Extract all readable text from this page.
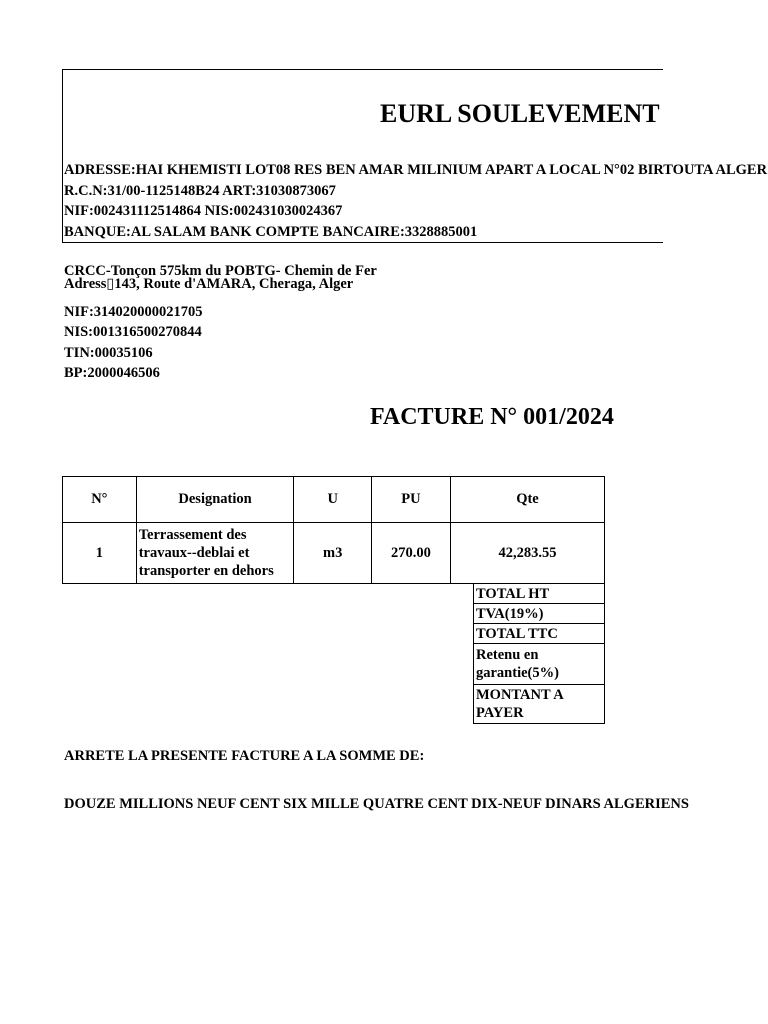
EURL SOULEVEMENT
ADRESSE:HAI KHEMISTI LOT08 RES BEN AMAR MILINIUM APART A LOCAL N°02 BIRTOUTA ALGER
R.C.N:31/00-1125148B24 ART:31030873067
NIF:002431112514864 NIS:002431030024367
BANQUE:AL SALAM BANK COMPTE BANCAIRE:3328885001
Adress▯143, Route d'AMARA, Cheraga, Alger
CRCC-Tonçon 575km du POBTG- Chemin de Fer
NIF:314020000021705
NIS:001316500270844
TIN:00035106
BP:2000046506
FACTURE N° 001/2024
N°	Designation	U	PU	Qte
1	Terrassement des travaux--deblai et transporter en dehors	m3	270.00	42,283.55
TOTAL HT
TVA(19%)
TOTAL TTC
Retenu en garantie(5%)
MONTANT A PAYER
ARRETE LA PRESENTE FACTURE A LA SOMME DE:
DOUZE MILLIONS NEUF CENT SIX MILLE QUATRE CENT DIX-NEUF DINARS ALGERIENS
